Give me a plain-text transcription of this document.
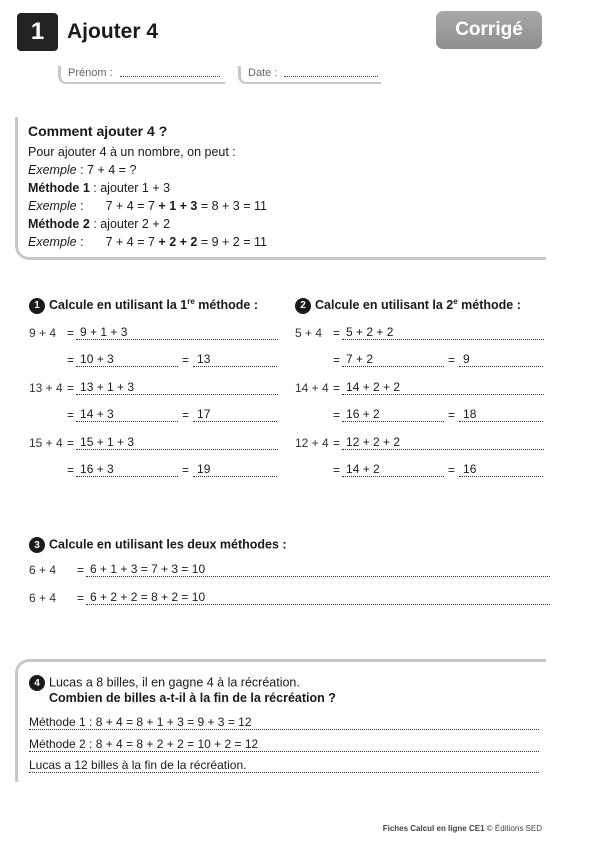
1	Ajouter 4	Corrigé
Prénom :	Date :
Comment ajouter 4 ?
Pour ajouter 4 à un nombre, on peut :
Exemple : 7 + 4 = ?
Méthode 1 : ajouter 1 + 3
Exemple : 7 + 4 = 7 + 1 + 3 = 8 + 3 = 11
Méthode 2 : ajouter 2 + 2
Exemple : 7 + 4 = 7 + 2 + 2 = 9 + 2 = 11
1 Calcule en utilisant la 1re méthode :
9 + 4 = 9 + 1 + 3
= 10 + 3	= 13
13 + 4 = 13 + 1 + 3
= 14 + 3	= 17
15 + 4 = 15 + 1 + 3
= 16 + 3	= 19
2 Calcule en utilisant la 2e méthode :
5 + 4 = 5 + 2 + 2
= 7 + 2	= 9
14 + 4 = 14 + 2 + 2
= 16 + 2	= 18
12 + 4 = 12 + 2 + 2
= 14 + 2	= 16
3 Calcule en utilisant les deux méthodes :
6 + 4 = 6 + 1 + 3 = 7 + 3 = 10
6 + 4 = 6 + 2 + 2 = 8 + 2 = 10
4 Lucas a 8 billes, il en gagne 4 à la récréation.
Combien de billes a-t-il à la fin de la récréation ?
Méthode 1 : 8 + 4 = 8 + 1 + 3 = 9 + 3 = 12
Méthode 2 : 8 + 4 = 8 + 2 + 2 = 10 + 2 = 12
Lucas a 12 billes à la fin de la récréation.
Fiches Calcul en ligne CE1 © Éditions SED
